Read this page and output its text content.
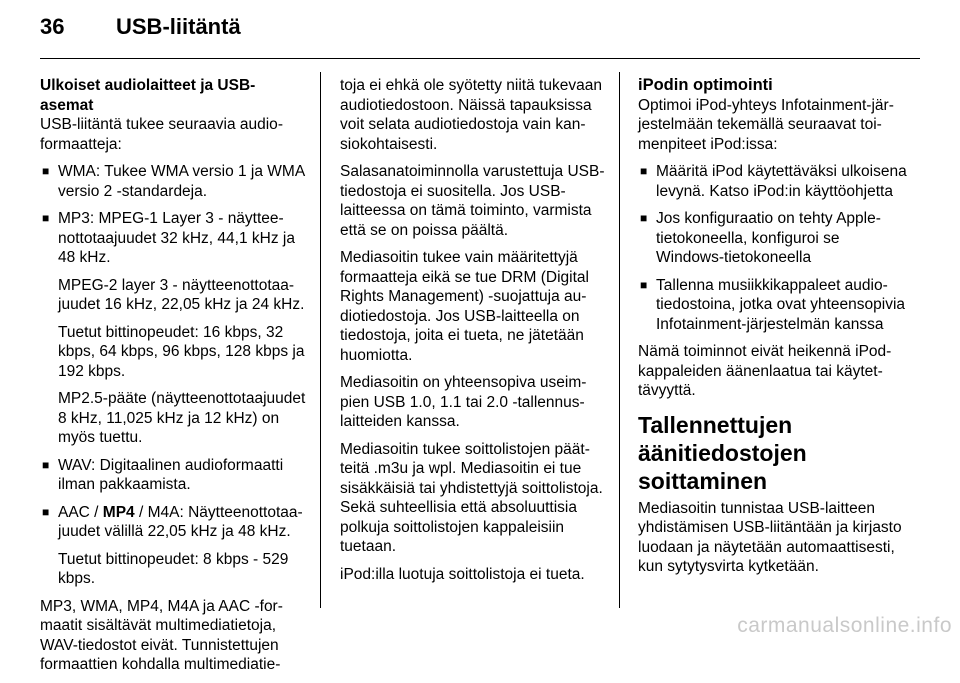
36 USB-liitäntä

Ulkoiset audiolaitteet ja USB-asemat

USB-liitäntä tukee seuraavia audioformaatteja:

■ WMA: Tukee WMA versio 1 ja WMA versio 2 -standardeja.

■ MP3: MPEG-1 Layer 3 - näytteenottotaajuudet 32 kHz, 44,1 kHz ja 48 kHz.

MPEG-2 layer 3 - näytteenottotaajuudet 16 kHz, 22,05 kHz ja 24 kHz.

Tuetut bittinopeudet: 16 kbps, 32 kbps, 64 kbps, 96 kbps, 128 kbps ja 192 kbps.

MP2.5-pääte (näytteenottotaajuudet 8 kHz, 11,025 kHz ja 12 kHz) on myös tuettu.

■ WAV: Digitaalinen audioformaatti ilman pakkaamista.

■ AAC / MP4 / M4A: Näytteenottotaajuudet välillä 22,05 kHz ja 48 kHz.

Tuetut bittinopeudet: 8 kbps - 529 kbps.

MP3, WMA, MP4, M4A ja AAC -formaatit sisältävät multimediatietoja, WAV-tiedostot eivät. Tunnistettujen formaattien kohdalla multimediatie-

toja ei ehkä ole syötetty niitä tukevaan audiotiedostoon. Näissä tapauksissa voit selata audiotiedostoja vain kansiokohtaisesti.

Salasanatoiminnolla varustettuja USB-tiedostoja ei suositella. Jos USB-laitteessa on tämä toiminto, varmista että se on poissa päältä.

Mediasoitin tukee vain määritettyjä formaatteja eikä se tue DRM (Digital Rights Management) -suojattuja audiotiedostoja. Jos USB-laitteella on tiedostoja, joita ei tueta, ne jätetään huomiotta.

Mediasoitin on yhteensopiva useimpien USB 1.0, 1.1 tai 2.0 -tallennuslaitteiden kanssa.

Mediasoitin tukee soittolistojen päätteitä .m3u ja wpl. Mediasoitin ei tue sisäkkäisiä tai yhdistettyjä soittolistoja. Sekä suhteellisia että absoluuttisia polkuja soittolistojen kappaleisiin tuetaan.

iPod:illa luotuja soittolistoja ei tueta.

iPodin optimointi

Optimoi iPod-yhteys Infotainment-järjestelmään tekemällä seuraavat toimenpiteet iPod:issa:

■ Määritä iPod käytettäväksi ulkoisena levynä. Katso iPod:in käyttöohjetta

■ Jos konfiguraatio on tehty Apple-tietokoneella, konfiguroi se Windows-tietokoneella

■ Tallenna musiikkikappaleet audiotiedostoina, jotka ovat yhteensopivia Infotainment-järjestelmän kanssa

Nämä toiminnot eivät heikennä iPod-kappaleiden äänenlaatua tai käytettävyyttä.

Tallennettujen äänitiedostojen soittaminen

Mediasoitin tunnistaa USB-laitteen yhdistämisen USB-liitäntään ja kirjasto luodaan ja näytetään automaattisesti, kun sytytysvirta kytketään.

carmanualsonline.info
